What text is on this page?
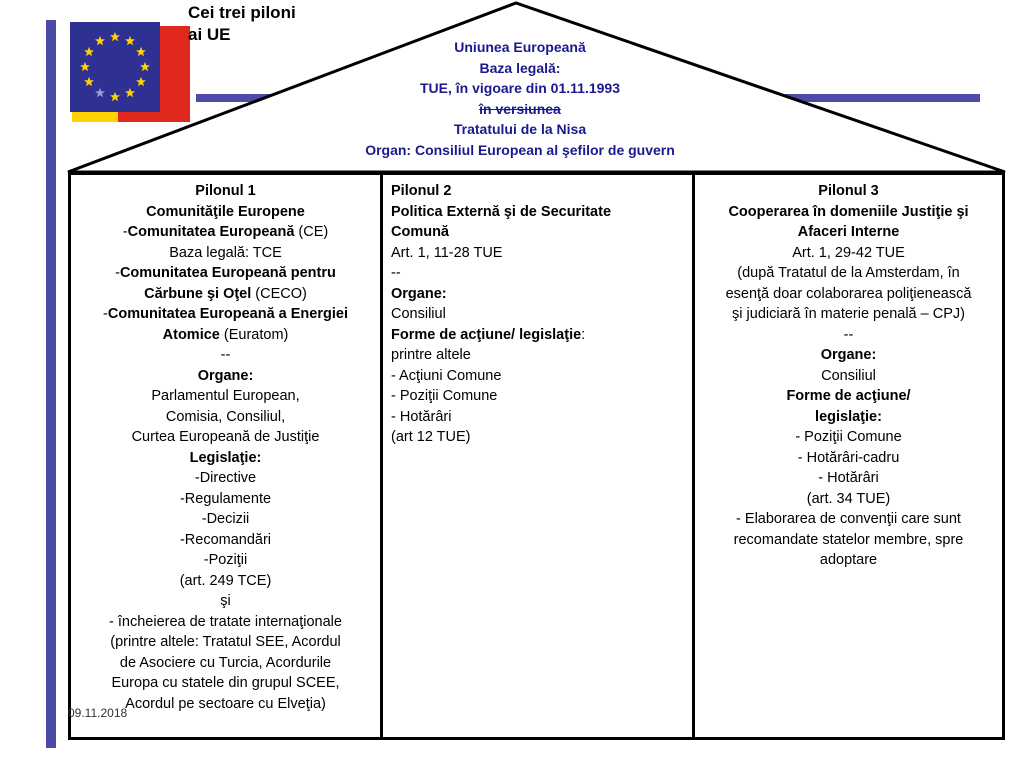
Cei trei piloni
ai UE
Uniunea Europeană
Baza legală:
TUE, în vigoare din 01.11.1993
în versiunea
Tratatului de la Nisa
Organ: Consiliul European al şefilor de guvern
Pilonul 1
Comunităţile Europene
-Comunitatea Europeană (CE)
Baza legală: TCE
-Comunitatea Europeană pentru
Cărbune şi Oţel (CECO)
-Comunitatea Europeană a Energiei
Atomice (Euratom)
--
Organe:
Parlamentul European,
Comisia, Consiliul,
Curtea Europeană de Justiţie
Legislaţie:
-Directive
-Regulamente
-Decizii
-Recomandări
-Poziţii
(art. 249 TCE)
şi
- încheierea de tratate internaţionale
(printre altele: Tratatul SEE, Acordul
de Asociere cu Turcia, Acordurile
Europa cu statele din grupul SCEE,
Acordul pe sectoare cu Elveţia)
Pilonul 2
Politica Externă şi de Securitate
Comună
Art. 1, 11-28 TUE
--
Organe:
Consiliul
Forme de acţiune/ legislaţie:
printre altele
- Acţiuni Comune
- Poziţii Comune
- Hotărâri
(art 12 TUE)
Pilonul 3
Cooperarea în domeniile Justiţie şi
Afaceri Interne
Art. 1, 29-42 TUE
(după Tratatul de la Amsterdam, în
esenţă doar colaborarea poliţienească
şi judiciară în materie penală – CPJ)
--
Organe:
Consiliul
Forme de acţiune/
legislaţie:
- Poziţii Comune
- Hotărâri-cadru
- Hotărâri
(art. 34 TUE)
- Elaborarea de convenţii care sunt
recomandate statelor membre, spre
adoptare
09.11.2018
